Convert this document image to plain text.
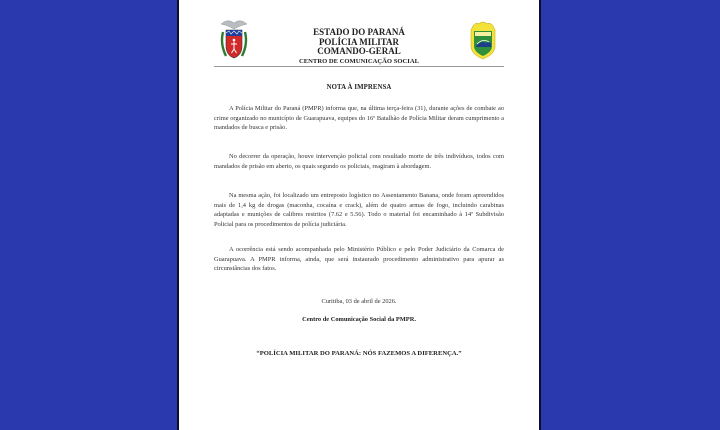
ESTADO DO PARANÁ
POLÍCIA MILITAR
COMANDO-GERAL
CENTRO DE COMUNICAÇÃO SOCIAL
NOTA À IMPRENSA
A Polícia Militar do Paraná (PMPR) informa que, na última terça-feira (31), durante ações de combate ao crime organizado no município de Guarapuava, equipes do 16º Batalhão de Polícia Militar deram cumprimento a mandados de busca e prisão.
No decorrer da operação, houve intervenção policial com resultado morte de três indivíduos, todos com mandados de prisão em aberto, os quais segundo os policiais, reagiram à abordagem.
Na mesma ação, foi localizado um entreposto logístico no Assentamento Banana, onde foram apreendidos mais de 1,4 kg de drogas (maconha, cocaína e crack), além de quatro armas de fogo, incluindo carabinas adaptadas e munições de calibres restritos (7.62 e 5.56). Todo o material foi encaminhado à 14ª Subdivisão Policial para os procedimentos de polícia judiciária.
A ocorrência está sendo acompanhada pelo Ministério Público e pelo Poder Judiciário da Comarca de Guarapuava. A PMPR informa, ainda, que será instaurado procedimento administrativo para apurar as circunstâncias dos fatos.
Curitiba, 03 de abril de 2026.
Centro de Comunicação Social da PMPR.
“POLÍCIA MILITAR DO PARANÁ: NÓS FAZEMOS A DIFERENÇA.”
